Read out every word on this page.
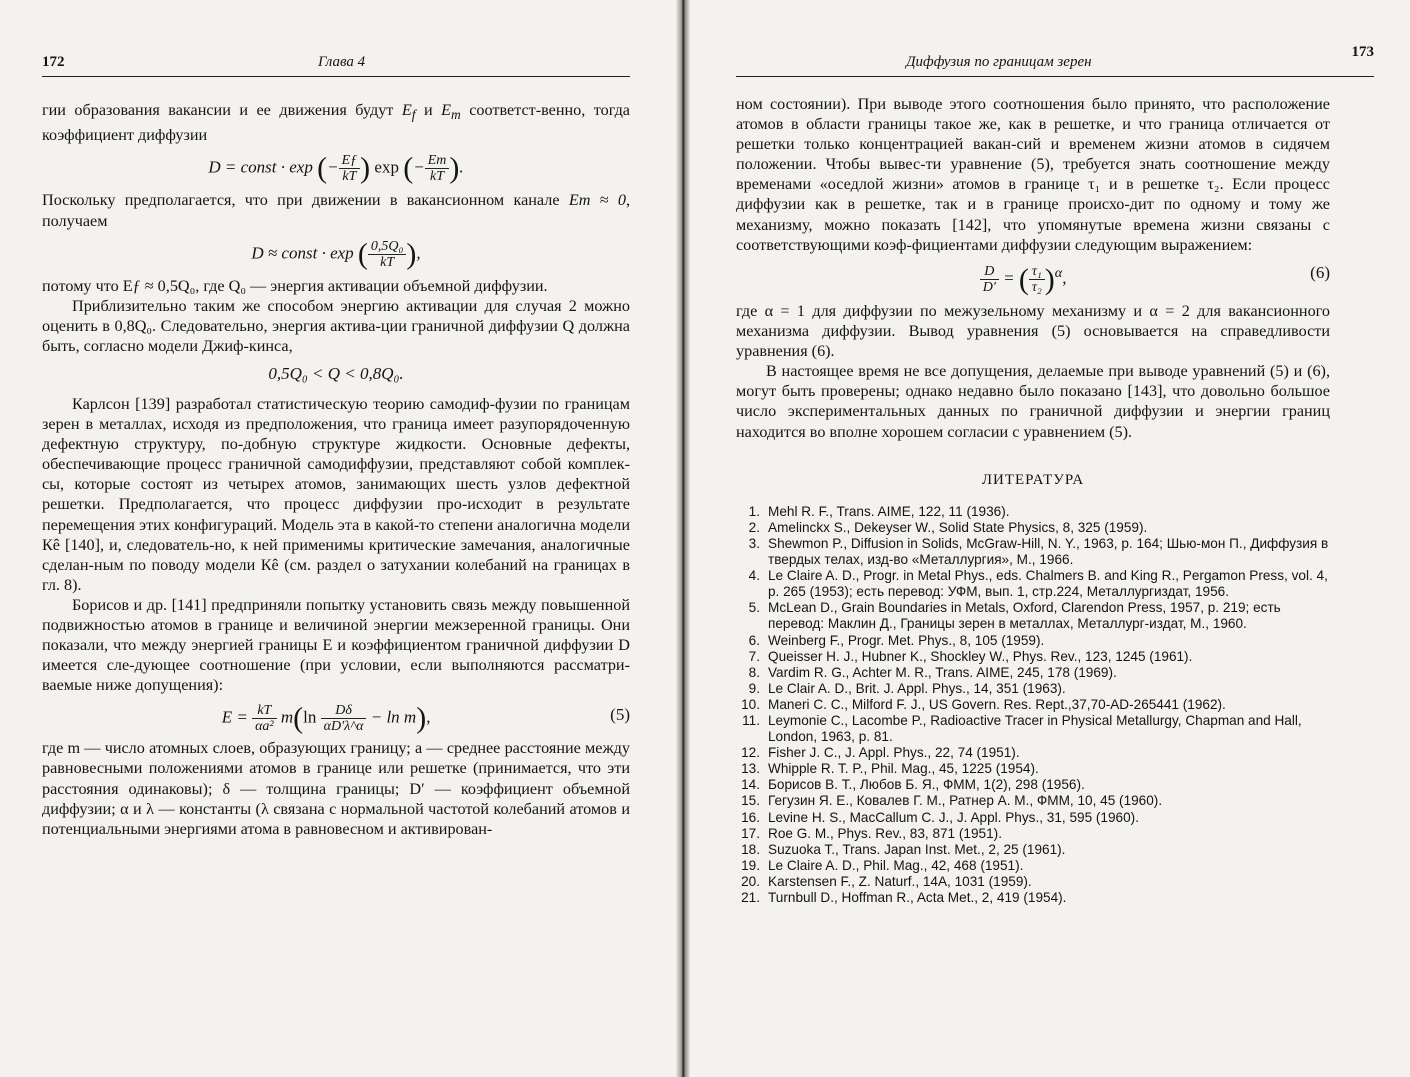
172	Глава 4

гии образования вакансии и ее движения будут $E_f$ и $E_m$ соответст-венно, тогда коэффициент диффузии

D = const · exp (− $\frac{Eƒ}{kT}$ ) exp (− $\frac{Em}{kT}$ ).

Поскольку предполагается, что при движении в вакансионном канале Em ≈ 0, получаем

D ≈ const · exp ( $\frac{\text{0,5Q₀}}{kT}$ ),

потому что Eƒ ≈ 0,5Q₀, где Q₀ — энергия активации объемной диффузии.

Приблизительно таким же способом энергию активации для случая 2 можно оценить в 0,8Q₀. Следовательно, энергия актива-ции граничной диффузии Q должна быть, согласно модели Джиф-кинса,

0,5Q₀ < Q < 0,8Q₀.

Карлсон [139] разработал статистическую теорию самодиф-фузии по границам зерен в металлах, исходя из предположения, что граница имеет разупорядоченную дефектную структуру, по-добную структуре жидкости. Основные дефекты, обеспечивающие процесс граничной самодиффузии, представляют собой комплек-сы, которые состоят из четырех атомов, занимающих шесть узлов дефектной решетки. Предполагается, что процесс диффузии про-исходит в результате перемещения этих конфигураций. Модель эта в какой-то степени аналогична модели Кê [140], и, следователь-но, к ней применимы критические замечания, аналогичные сделан-ным по поводу модели Кê (см. раздел о затухании колебаний на границах в гл. 8).

Борисов и др. [141] предприняли попытку установить связь между повышенной подвижностью атомов в границе и величиной энергии межзеренной границы. Они показали, что между энергией границы E и коэффициентом граничной диффузии D имеется сле-дующее соотношение (при условии, если выполняются рассматри-ваемые ниже допущения):

(5)
$E = \frac{kT}{\text{αa²}} m(\ln \frac{D\delta}{\alpha D'\lambda\^{}\alpha} - \ln m)$,

где m — число атомных слоев, образующих границу; a — среднее расстояние между равновесными положениями атомов в границе или решетке (принимается, что эти расстояния одинаковы); δ — толщина границы; D′ — коэффициент объемной диффузии; α и λ — константы (λ связана с нормальной частотой колебаний атомов и потенциальными энергиями атома в равновесном и активирован-

Диффузия по границам зерен
173

ном состоянии). При выводе этого соотношения было принято, что расположение атомов в области границы такое же, как в решетке, и что граница отличается от решетки только концентрацией вакан-сий и временем жизни атомов в сидячем положении. Чтобы вывес-ти уравнение (5), требуется знать соотношение между временами «оседлой жизни» атомов в границе τ₁ и в решетке τ₂. Если процесс диффузии как в решетке, так и в границе происхо-дит по одному и тому же механизму, можно показать [142], что упомянутые времена жизни связаны с соответствующими коэф-фициентами диффузии следующим выражением:

(6)
$\frac{D}{D'}$ = ( $\frac{\text{τ₁}}{\text{τ₂}} )^\alpha$,

где α = 1 для диффузии по межузельному механизму и α = 2 для вакансионного механизма диффузии. Вывод уравнения (5) основывается на справедливости уравнения (6).

В настоящее время не все допущения, делаемые при выводе уравнений (5) и (6), могут быть проверены; однако недавно было показано [143], что довольно большое число экспериментальных данных по граничной диффузии и энергии границ находится во вполне хорошем согласии с уравнением (5).

ЛИТЕРАТУРА
1. Mehl R. F., Trans. AIME, 122, 11 (1936).
2. Amelinckx S., Dekeyser W., Solid State Physics, 8, 325 (1959).
3. Shewmon P., Diffusion in Solids, McGraw-Hill, N. Y., 1963, p. 164; Шью-мон П., Диффузия в твердых телах, изд-во «Металлургия», М., 1966.
4. Le Claire A. D., Progr. in Metal Phys., eds. Chalmers B. and King R., Pergamon Press, vol. 4, p. 265 (1953); есть перевод: УФМ, вып. 1, стр.224, Металлургиздат, 1956.
5. McLean D., Grain Boundaries in Metals, Oxford, Clarendon Press, 1957, p. 219; есть перевод: Маклин Д., Границы зерен в металлах, Металлург-издат, М., 1960.
6. Weinberg F., Progr. Met. Phys., 8, 105 (1959).
7. Queisser H. J., Hubner K., Shockley W., Phys. Rev., 123, 1245 (1961).
8. Vardim R. G., Achter M. R., Trans. AIME, 245, 178 (1969).
9. Le Clair A. D., Brit. J. Appl. Phys., 14, 351 (1963).
10. Maneri C. C., Milford F. J., US Govern. Res. Rept.,37,70-AD-265441 (1962).
11. Leymonie C., Lacombe P., Radioactive Tracer in Physical Metallurgy, Chapman and Hall, London, 1963, p. 81.
12. Fisher J. C., J. Appl. Phys., 22, 74 (1951).
13. Whipple R. T. P., Phil. Mag., 45, 1225 (1954).
14. Борисов В. Т., Любов Б. Я., ФММ, 1(2), 298 (1956).
15. Гегузин Я. Е., Ковалев Г. М., Ратнер А. М., ФММ, 10, 45 (1960).
16. Levine H. S., MacCallum C. J., J. Appl. Phys., 31, 595 (1960).
17. Roe G. M., Phys. Rev., 83, 871 (1951).
18. Suzuoka T., Trans. Japan Inst. Met., 2, 25 (1961).
19. Le Claire A. D., Phil. Mag., 42, 468 (1951).
20. Karstensen F., Z. Naturf., 14A, 1031 (1959).
21. Turnbull D., Hoffman R., Acta Met., 2, 419 (1954).
